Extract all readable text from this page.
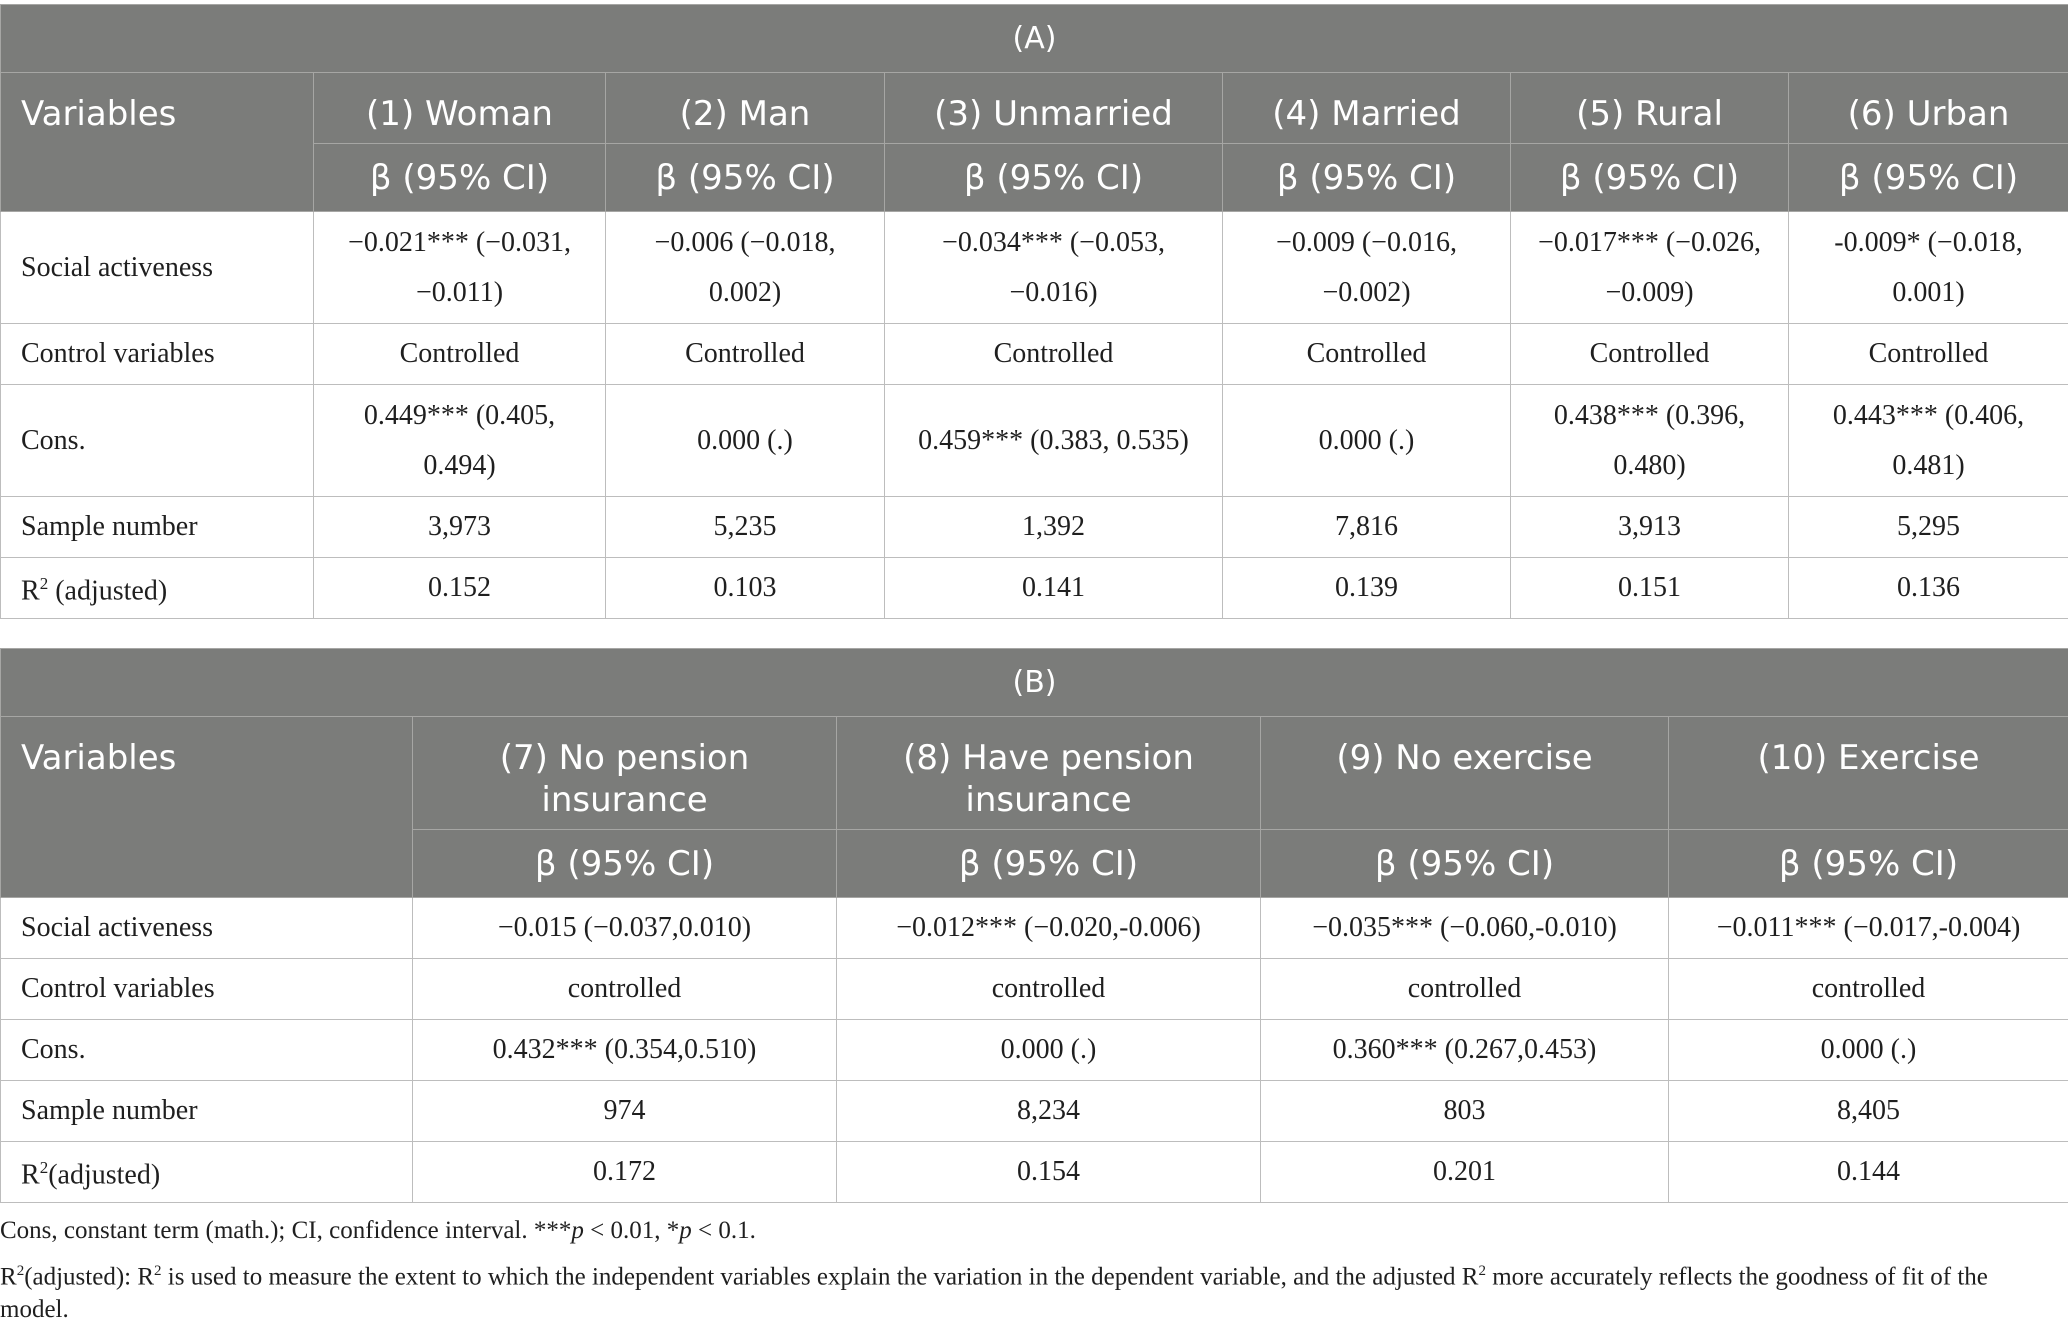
(A)						
Variables	(1) Woman	(2) Man	(3) Unmarried	(4) Married	(5) Rural	(6) Urban
	β (95% CI)	β (95% CI)	β (95% CI)	β (95% CI)	β (95% CI)	β (95% CI)
Social activeness	−0.021*** (−0.031, −0.011)	−0.006 (−0.018, 0.002)	−0.034*** (−0.053, −0.016)	−0.009 (−0.016, −0.002)	−0.017*** (−0.026, −0.009)	-0.009* (−0.018, 0.001)
Control variables	Controlled	Controlled	Controlled	Controlled	Controlled	Controlled
Cons.	0.449*** (0.405, 0.494)	0.000 (.)	0.459*** (0.383, 0.535)	0.000 (.)	0.438*** (0.396, 0.480)	0.443*** (0.406, 0.481)
Sample number	3,973	5,235	1,392	7,816	3,913	5,295
$R^2$ (adjusted)	0.152	0.103	0.141	0.139	0.151	0.136
(B)				
Variables	(7) No pension insurance	(8) Have pension insurance	(9) No exercise	(10) Exercise
	β (95% CI)	β (95% CI)	β (95% CI)	β (95% CI)
Social activeness	−0.015 (−0.037,0.010)	−0.012*** (−0.020,-0.006)	−0.035*** (−0.060,-0.010)	−0.011*** (−0.017,-0.004)
Control variables	controlled	controlled	controlled	controlled
Cons.	0.432*** (0.354,0.510)	0.000 (.)	0.360*** (0.267,0.453)	0.000 (.)
Sample number	974	8,234	803	8,405
$R^2(adjusted)$	0.172	0.154	0.201	0.144

Cons, constant term (math.); CI, confidence interval. ***p < 0.01, *p < 0.1.

$R^2(adjusted)$: $R^2$ is used to measure the extent to which the independent variables explain the variation in the dependent variable, and the adjusted $R^2$ more accurately reflects the goodness of fit of the model.
